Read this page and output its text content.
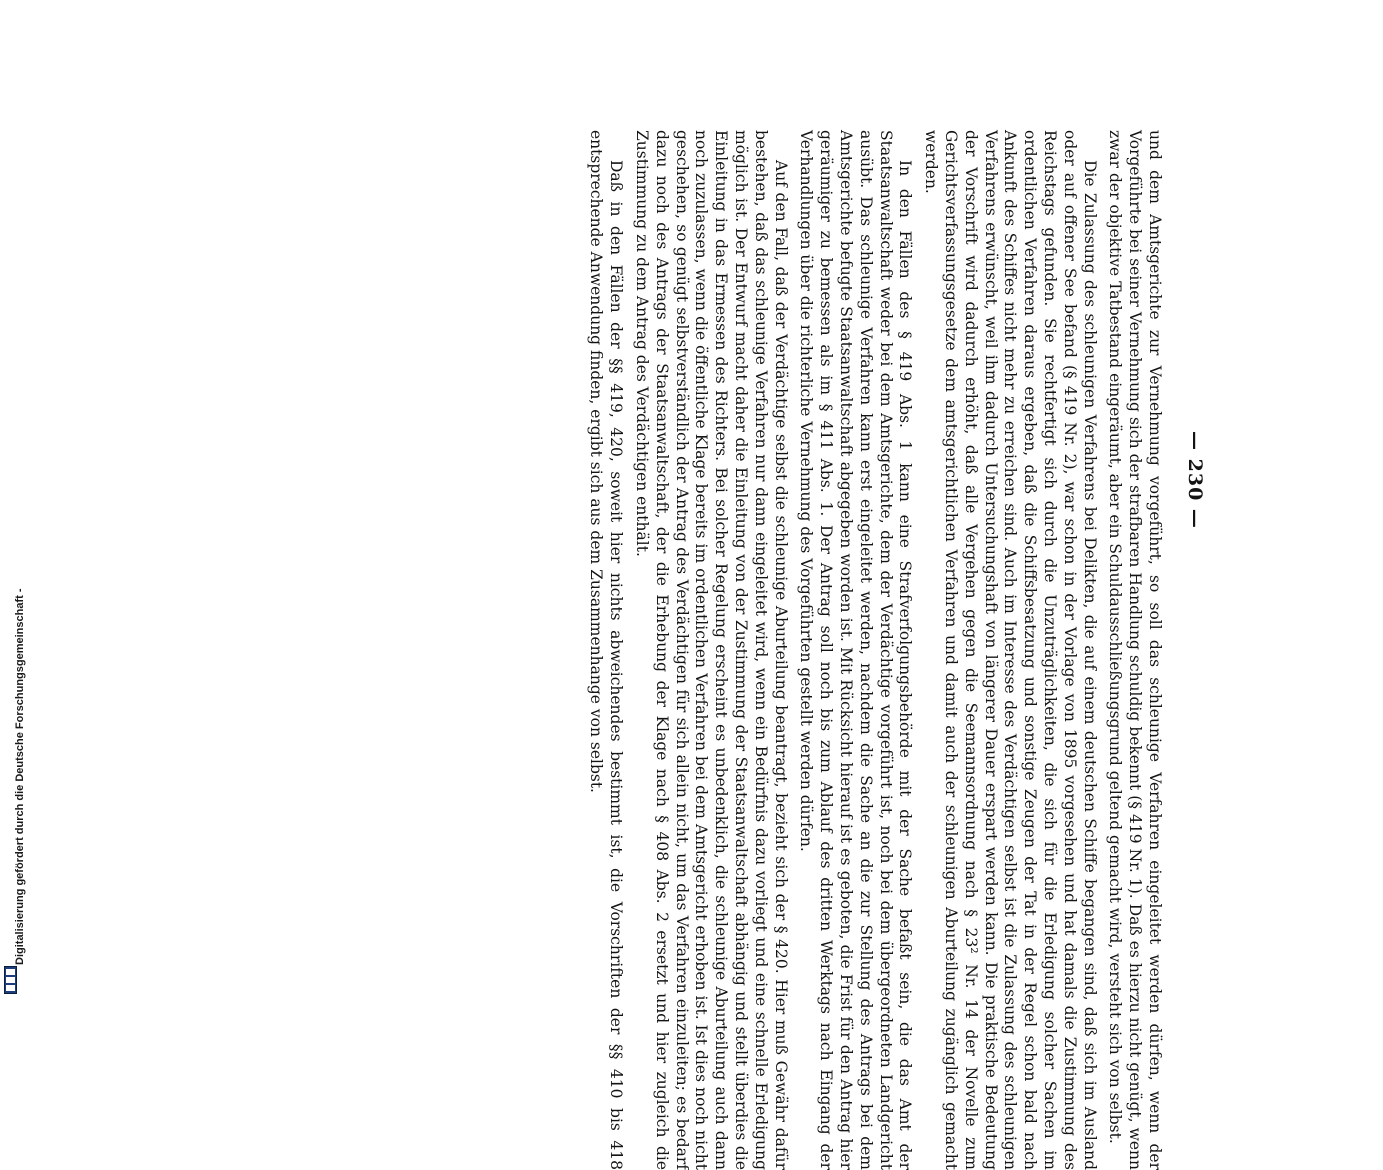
Digitalisierung gefördert durch die Deutsche Forschungsgemeinschaft -
— 230 —

und dem Amtsgerichte zur Vernehmung vorgeführt, so soll das schleunige Verfahren eingeleitet werden dürfen, wenn der Vorgeführte bei seiner Vernehmung sich der strafbaren Handlung schuldig bekennt (§ 419 Nr. 1). Daß es hierzu nicht genügt, wenn zwar der objektive Tatbestand eingeräumt, aber ein Schuldausschließungsgrund geltend gemacht wird, versteht sich von selbst.

Die Zulassung des schleunigen Verfahrens bei Delikten, die auf einem deutschen Schiffe begangen sind, daß sich im Ausland oder auf offener See befand (§ 419 Nr. 2), war schon in der Vorlage von 1895 vorgesehen und hat damals die Zustimmung des Reichstags gefunden. Sie rechtfertigt sich durch die Unzuträglichkeiten, die sich für die Erledigung solcher Sachen im ordentlichen Verfahren daraus ergeben, daß die Schiffsbesatzung und sonstige Zeugen der Tat in der Regel schon bald nach Ankunft des Schiffes nicht mehr zu erreichen sind. Auch im Interesse des Verdächtigen selbst ist die Zulassung des schleunigen Verfahrens erwünscht, weil ihm dadurch Untersuchungshaft von längerer Dauer erspart werden kann. Die praktische Bedeutung der Vorschrift wird dadurch erhöht, daß alle Vergehen gegen die Seemannsordnung nach § 23² Nr. 14 der Novelle zum Gerichtsverfassungsgesetze dem amtsgerichtlichen Verfahren und damit auch der schleunigen Aburteilung zugänglich gemacht werden.

In den Fällen des § 419 Abs. 1 kann eine Strafverfolgungsbehörde mit der Sache befaßt sein, die das Amt der Staatsanwaltschaft weder bei dem Amtsgerichte, dem der Verdächtige vorgeführt ist, noch bei dem übergeordneten Landgericht ausübt. Das schleunige Verfahren kann erst eingeleitet werden, nachdem die Sache an die zur Stellung des Antrags bei dem Amtsgerichte befugte Staatsanwaltschaft abgegeben worden ist. Mit Rücksicht hierauf ist es geboten, die Frist für den Antrag hier geräumiger zu bemessen als im § 411 Abs. 1. Der Antrag soll noch bis zum Ablauf des dritten Werktags nach Eingang der Verhandlungen über die richterliche Vernehmung des Vorgeführten gestellt werden dürfen.

Auf den Fall, daß der Verdächtige selbst die schleunige Aburteilung beantragt, bezieht sich der § 420. Hier muß Gewähr dafür bestehen, daß das schleunige Verfahren nur dann eingeleitet wird, wenn ein Bedürfnis dazu vorliegt und eine schnelle Erledigung möglich ist. Der Entwurf macht daher die Einleitung von der Zustimmung der Staatsanwaltschaft abhängig und stellt überdies die Einleitung in das Ermessen des Richters. Bei solcher Regelung erscheint es unbedenklich, die schleunige Aburteilung auch dann noch zuzulassen, wenn die öffentliche Klage bereits im ordentlichen Verfahren bei dem Amtsgericht erhoben ist. Ist dies noch nicht geschehen, so genügt selbstverständlich der Antrag des Verdächtigen für sich allein nicht, um das Verfahren einzuleiten; es bedarf dazu noch des Antrags der Staatsanwaltschaft, der die Erhebung der Klage nach § 408 Abs. 2 ersetzt und hier zugleich die Zustimmung zu dem Antrag des Verdächtigen enthält.

Daß in den Fällen der §§ 419, 420, soweit hier nichts abweichendes bestimmt ist, die Vorschriften der §§ 410 bis 418 entsprechende Anwendung finden, ergibt sich aus dem Zusammenhange von selbst.
